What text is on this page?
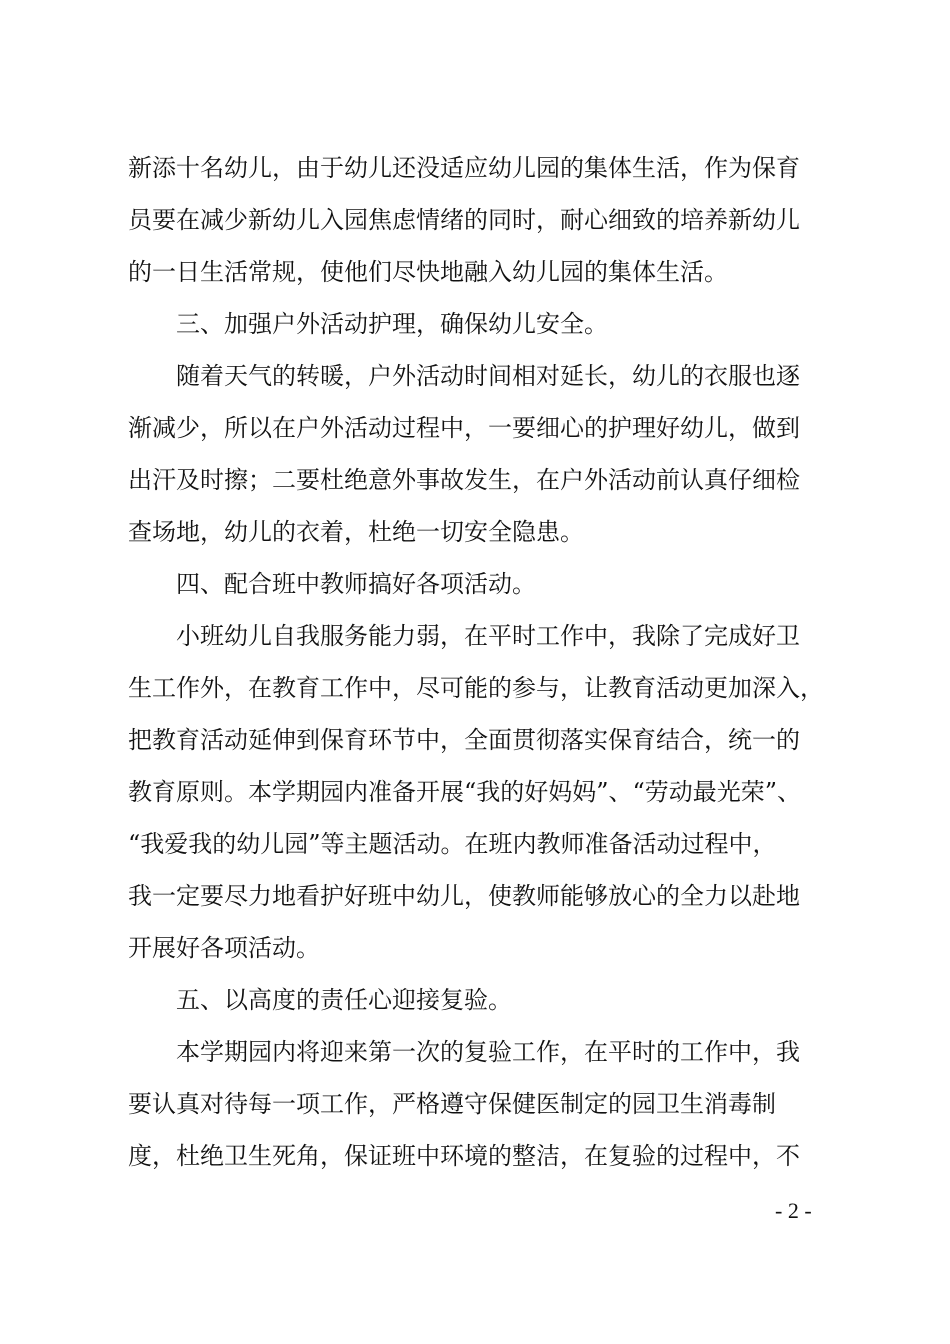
新添十名幼儿，由于幼儿还没适应幼儿园的集体生活，作为保育
员要在减少新幼儿入园焦虑情绪的同时，耐心细致的培养新幼儿
的一日生活常规，使他们尽快地融入幼儿园的集体生活。
三、加强户外活动护理，确保幼儿安全。
随着天气的转暖，户外活动时间相对延长，幼儿的衣服也逐
渐减少，所以在户外活动过程中，一要细心的护理好幼儿，做到
出汗及时擦；二要杜绝意外事故发生，在户外活动前认真仔细检
查场地，幼儿的衣着，杜绝一切安全隐患。
四、配合班中教师搞好各项活动。
小班幼儿自我服务能力弱，在平时工作中，我除了完成好卫
生工作外，在教育工作中，尽可能的参与，让教育活动更加深入，
把教育活动延伸到保育环节中，全面贯彻落实保育结合，统一的
教育原则。本学期园内准备开展“我的好妈妈”、“劳动最光荣”、
“我爱我的幼儿园”等主题活动。在班内教师准备活动过程中，
我一定要尽力地看护好班中幼儿，使教师能够放心的全力以赴地
开展好各项活动。
五、以高度的责任心迎接复验。
本学期园内将迎来第一次的复验工作，在平时的工作中，我
要认真对待每一项工作，严格遵守保健医制定的园卫生消毒制
度，杜绝卫生死角，保证班中环境的整洁，在复验的过程中，不
- 2 -
